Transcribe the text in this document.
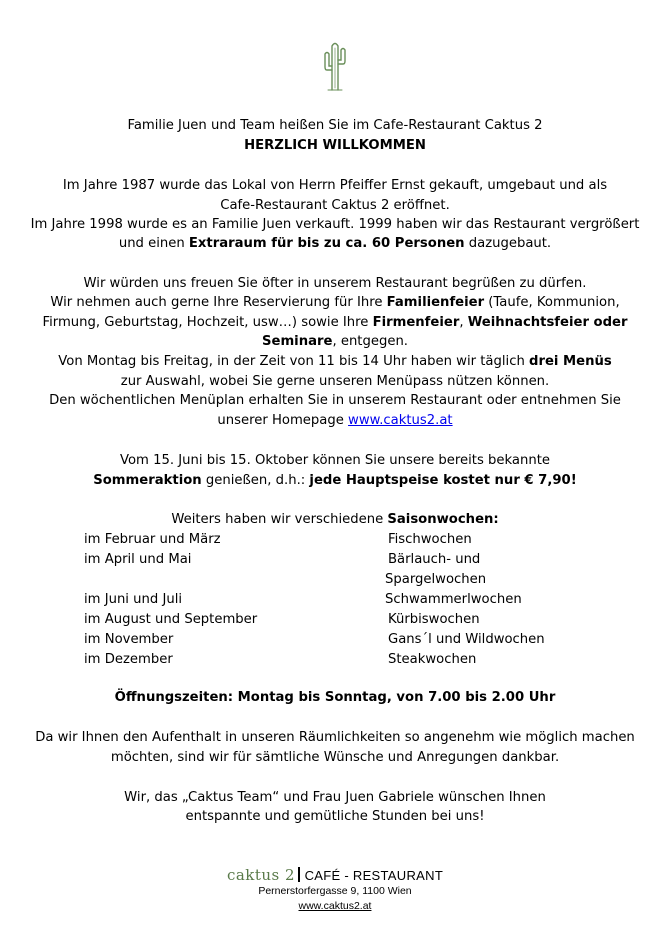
Familie Juen und Team heißen Sie im Cafe-Restaurant Caktus 2
HERZLICH WILLKOMMEN
Im Jahre 1987 wurde das Lokal von Herrn Pfeiffer Ernst gekauft, umgebaut und als
Cafe-Restaurant Caktus 2 eröffnet.
Im Jahre 1998 wurde es an Familie Juen verkauft. 1999 haben wir das Restaurant vergrößert
und einen Extraraum für bis zu ca. 60 Personen dazugebaut.
Wir würden uns freuen Sie öfter in unserem Restaurant begrüßen zu dürfen.
Wir nehmen auch gerne Ihre Reservierung für Ihre Familienfeier (Taufe, Kommunion,
Firmung, Geburtstag, Hochzeit, usw…) sowie Ihre Firmenfeier, Weihnachtsfeier oder
Seminare, entgegen.
Von Montag bis Freitag, in der Zeit von 11 bis 14 Uhr haben wir täglich drei Menüs
zur Auswahl, wobei Sie gerne unseren Menüpass nützen können.
Den wöchentlichen Menüplan erhalten Sie in unserem Restaurant oder entnehmen Sie
unserer Homepage www.caktus2.at
Vom 15. Juni bis 15. Oktober können Sie unsere bereits bekannte
Sommeraktion genießen, d.h.: jede Hauptspeise kostet nur € 7,90!
Weiters haben wir verschiedene Saisonwochen:
im Februar und März	Fischwochen
im April und Mai	Bärlauch- und
Spargelwochen
im Juni und Juli	Schwammerlwochen
im August und September	Kürbiswochen
im November	Gans´l und Wildwochen
im Dezember	Steakwochen
Öffnungszeiten: Montag bis Sonntag, von 7.00 bis 2.00 Uhr
Da wir Ihnen den Aufenthalt in unseren Räumlichkeiten so angenehm wie möglich machen
möchten, sind wir für sämtliche Wünsche und Anregungen dankbar.
Wir, das „Caktus Team“ und Frau Juen Gabriele wünschen Ihnen
entspannte und gemütliche Stunden bei uns!
caktus 2 CAFÉ - RESTAURANT
Pernerstorfergasse 9, 1100 Wien
www.caktus2.at
